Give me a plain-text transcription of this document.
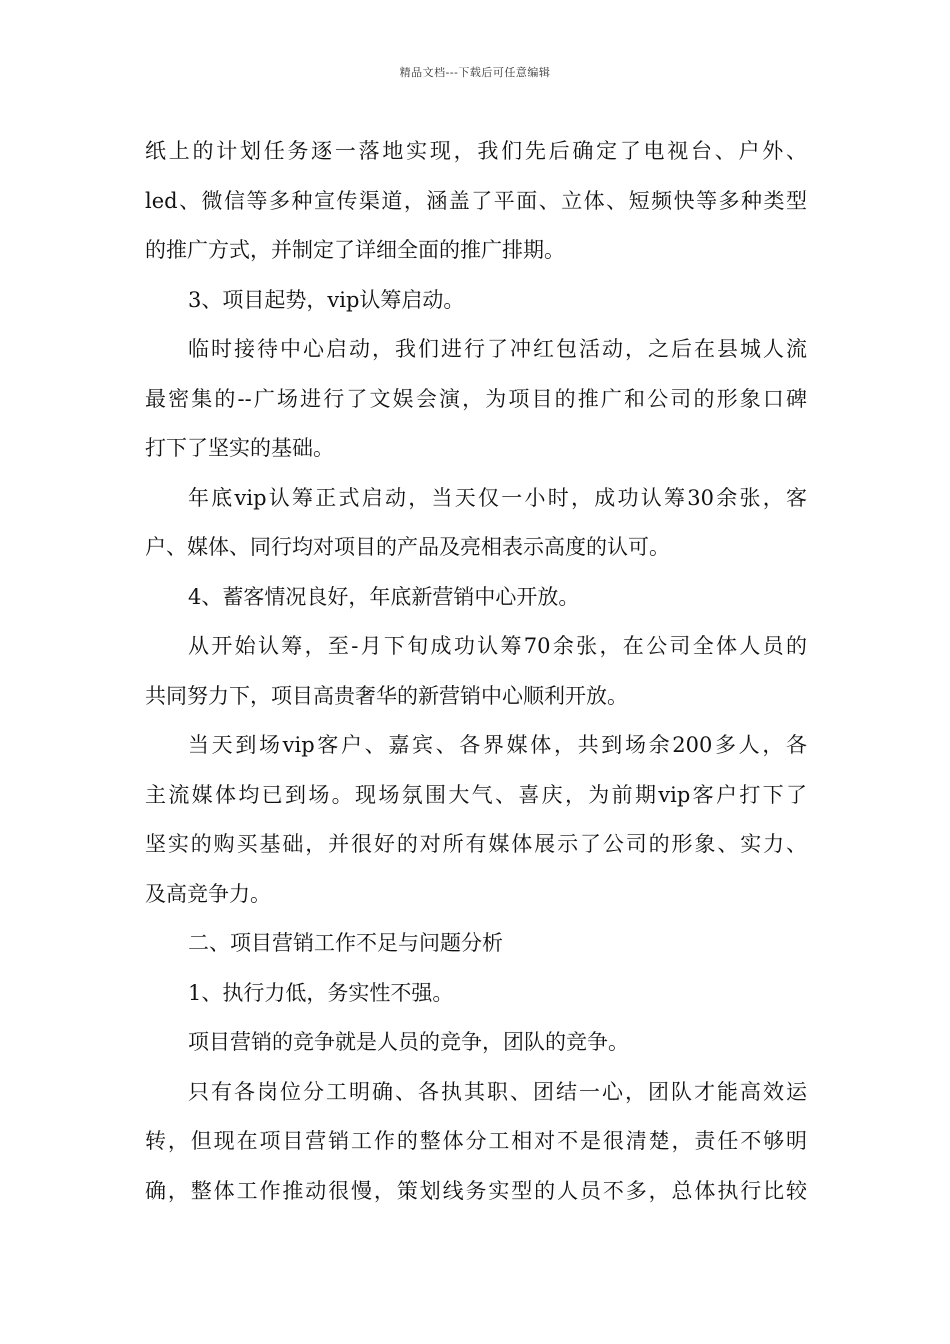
精品文档---下载后可任意编辑
纸上的计划任务逐一落地实现，我们先后确定了电视台、户外、
led、微信等多种宣传渠道，涵盖了平面、立体、短频快等多种类型
的推广方式，并制定了详细全面的推广排期。
3、项目起势，vip认筹启动。
临时接待中心启动，我们进行了冲红包活动，之后在县城人流
最密集的--广场进行了文娱会演，为项目的推广和公司的形象口碑
打下了坚实的基础。
年底vip认筹正式启动，当天仅一小时，成功认筹30余张，客
户、媒体、同行均对项目的产品及亮相表示高度的认可。
4、蓄客情况良好，年底新营销中心开放。
从开始认筹，至-月下旬成功认筹70余张，在公司全体人员的
共同努力下，项目高贵奢华的新营销中心顺利开放。
当天到场vip客户、嘉宾、各界媒体，共到场余200多人，各
主流媒体均已到场。现场氛围大气、喜庆，为前期vip客户打下了
坚实的购买基础，并很好的对所有媒体展示了公司的形象、实力、
及高竞争力。
二、项目营销工作不足与问题分析
1、执行力低，务实性不强。
项目营销的竞争就是人员的竞争，团队的竞争。
只有各岗位分工明确、各执其职、团结一心，团队才能高效运
转，但现在项目营销工作的整体分工相对不是很清楚，责任不够明
确，整体工作推动很慢，策划线务实型的人员不多，总体执行比较
